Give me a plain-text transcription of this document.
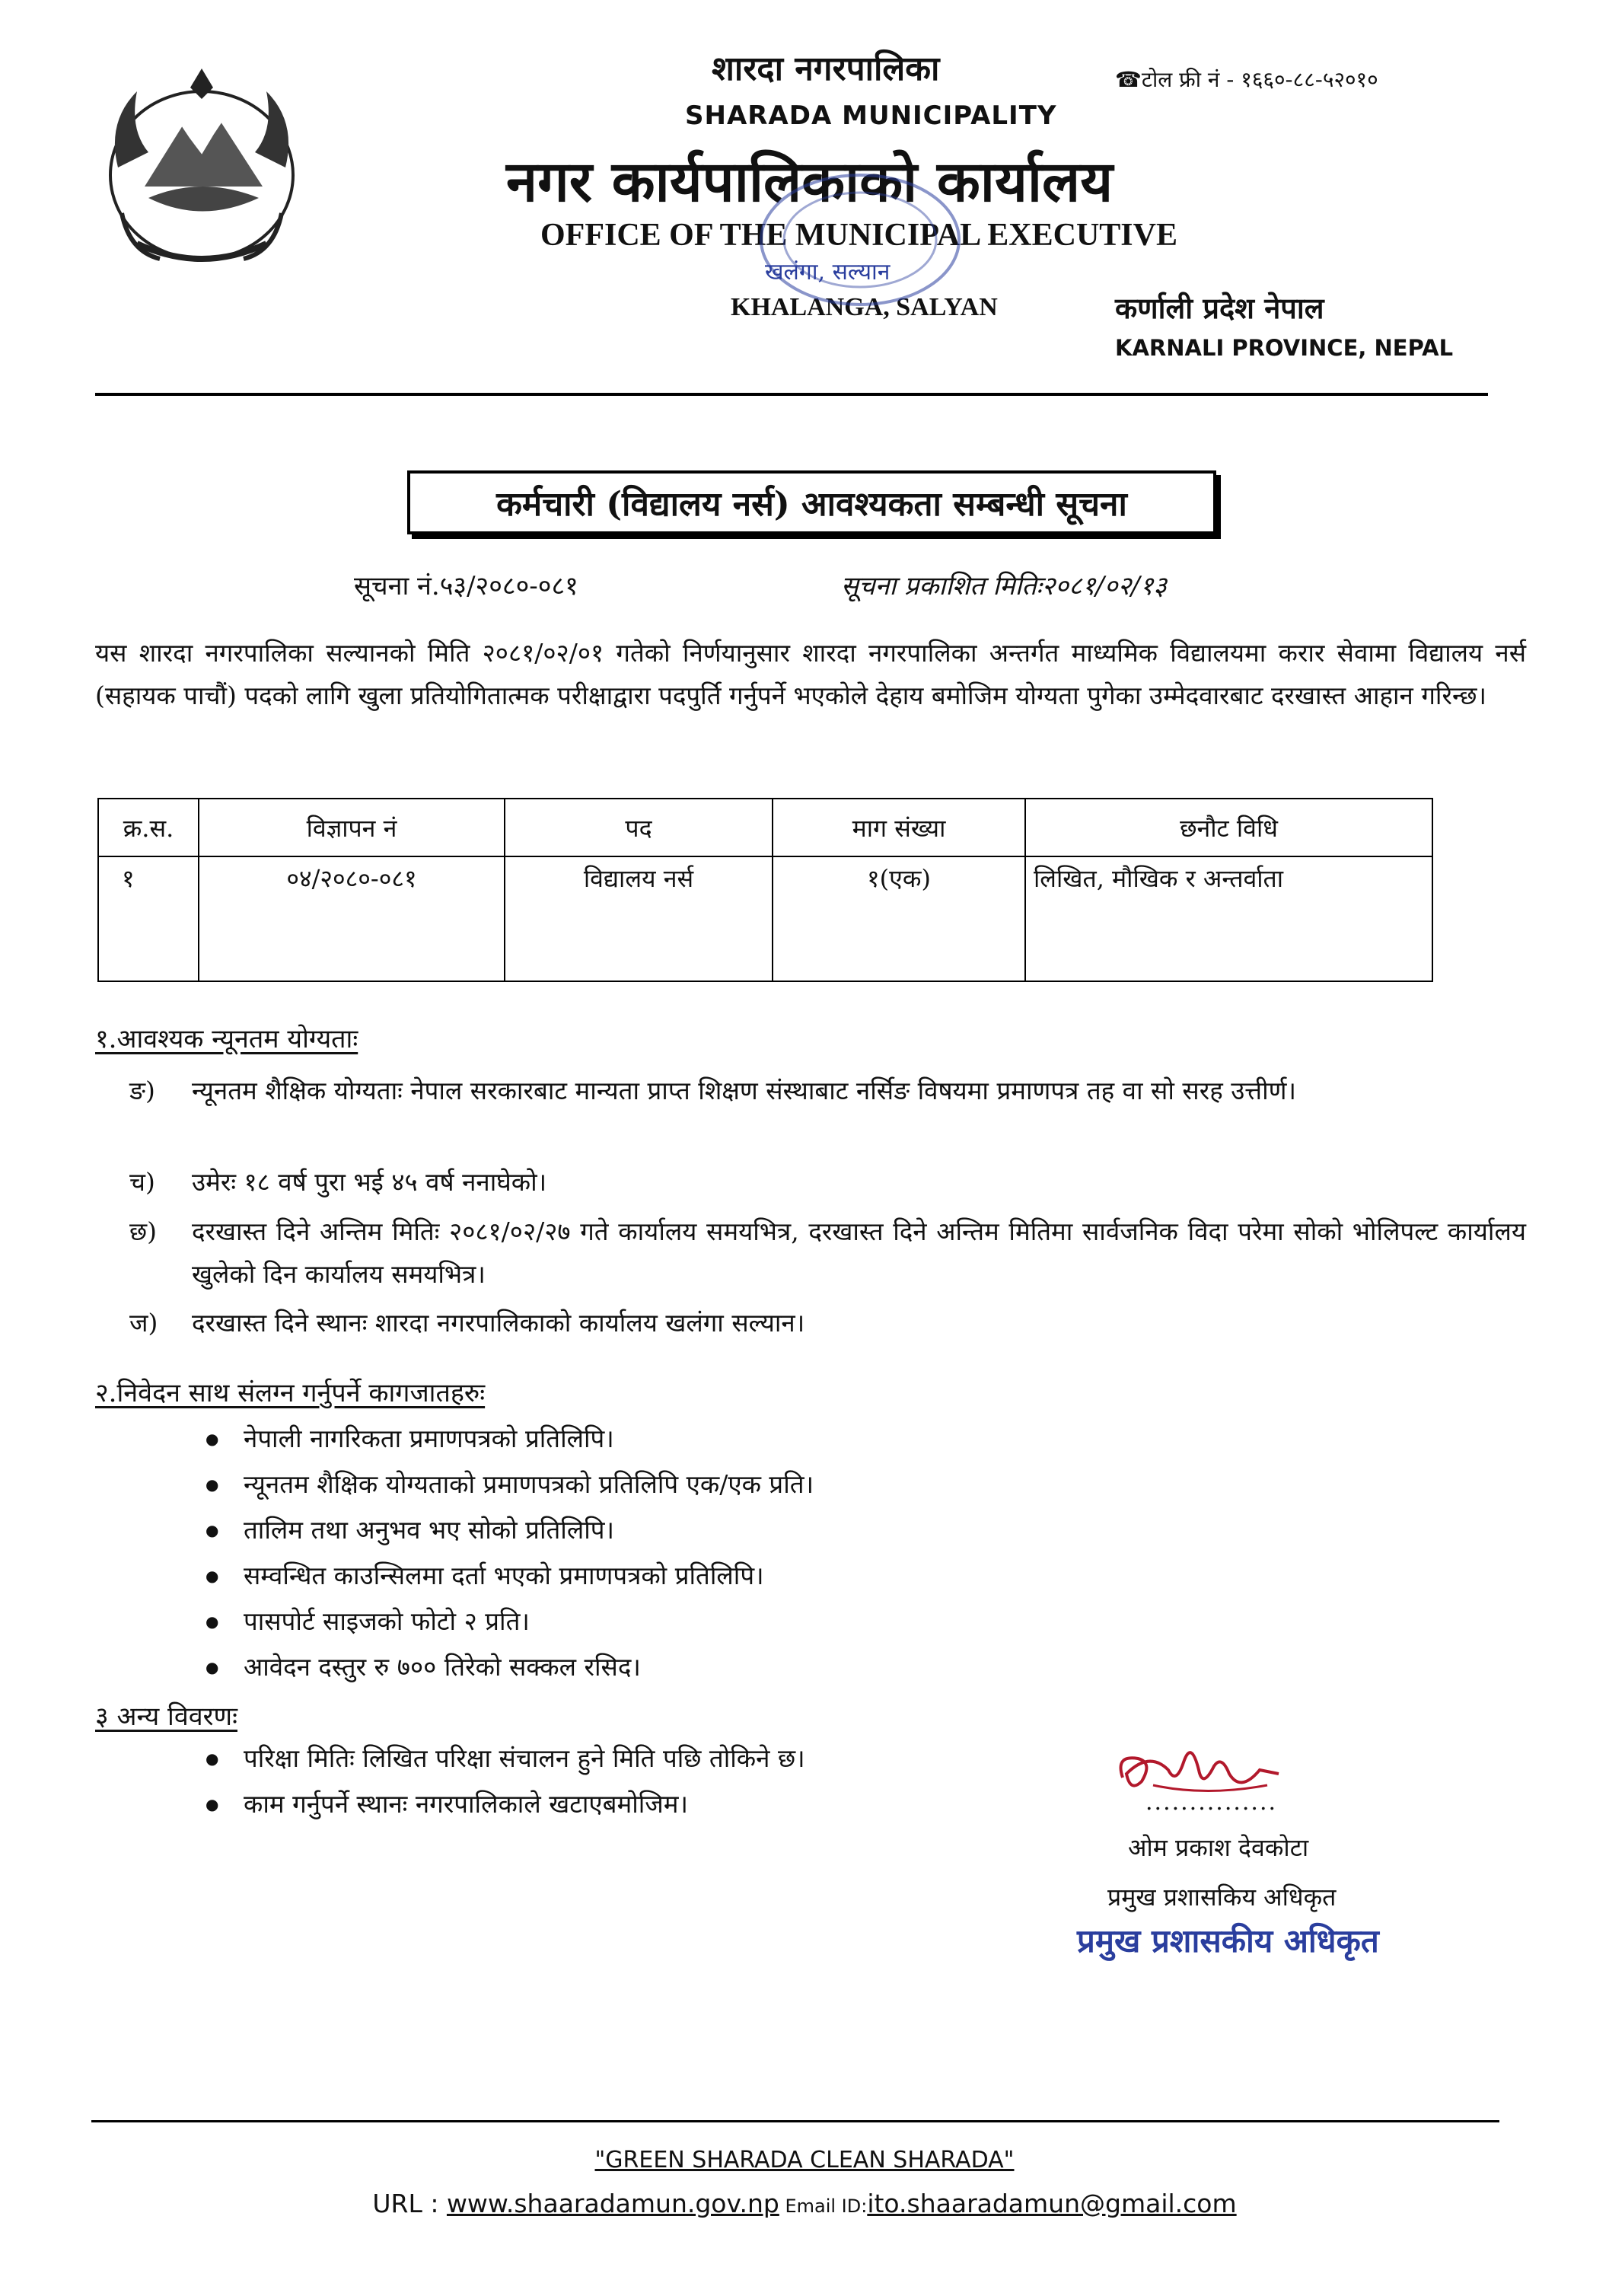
शारदा नगरपालिका
SHARADA MUNICIPALITY
नगर कार्यपालिकाको कार्यालय
OFFICE OF THE MUNICIPAL EXECUTIVE
खलंगा, सल्यान
KHALANGA, SALYAN
☎टोल फ्री नं - १६६०-८८-५२०१०
कर्णाली प्रदेश नेपाल
KARNALI PROVINCE, NEPAL
कर्मचारी (विद्यालय नर्स) आवश्यकता सम्बन्धी सूचना
सूचना नं.५३/२०८०-०८१	सूचना प्रकाशित मितिः२०८१/०२/१३
यस शारदा नगरपालिका सल्यानको मिति २०८१/०२/०१ गतेको निर्णयानुसार शारदा नगरपालिका अन्तर्गत माध्यमिक विद्यालयमा करार सेवामा विद्यालय नर्स (सहायक पाचौं) पदको लागि खुला प्रतियोगितात्मक परीक्षाद्वारा पदपुर्ति गर्नुपर्ने भएकोले देहाय बमोजिम योग्यता पुगेका उम्मेदवारबाट दरखास्त आहान गरिन्छ।
क्र.स.	विज्ञापन नं	पद	माग संख्या	छनौट विधि
१	०४/२०८०-०८१	विद्यालय नर्स	१(एक)	लिखित, मौखिक र अन्तर्वाता
१.आवश्यक न्यूनतम योग्यताः
ङ) न्यूनतम शैक्षिक योग्यताः नेपाल सरकारबाट मान्यता प्राप्त शिक्षण संस्थाबाट नर्सिङ विषयमा प्रमाणपत्र तह वा सो सरह उत्तीर्ण।
च) उमेरः १८ वर्ष पुरा भई ४५ वर्ष ननाघेको।
छ) दरखास्त दिने अन्तिम मितिः २०८१/०२/२७ गते कार्यालय समयभित्र, दरखास्त दिने अन्तिम मितिमा सार्वजनिक विदा परेमा सोको भोलिपल्ट कार्यालय खुलेको दिन कार्यालय समयभित्र।
ज) दरखास्त दिने स्थानः शारदा नगरपालिकाको कार्यालय खलंगा सल्यान।
२.निवेदन साथ संलग्न गर्नुपर्ने कागजातहरुः
● नेपाली नागरिकता प्रमाणपत्रको प्रतिलिपि।
● न्यूनतम शैक्षिक योग्यताको प्रमाणपत्रको प्रतिलिपि एक/एक प्रति।
● तालिम तथा अनुभव भए सोको प्रतिलिपि।
● सम्वन्धित काउन्सिलमा दर्ता भएको प्रमाणपत्रको प्रतिलिपि।
● पासपोर्ट साइजको फोटो २ प्रति।
● आवेदन दस्तुर रु ७०० तिरेको सक्कल रसिद।
३ अन्य विवरणः
● परिक्षा मितिः लिखित परिक्षा संचालन हुने मिति पछि तोकिने छ।
● काम गर्नुपर्ने स्थानः नगरपालिकाले खटाएबमोजिम।	...............
ओम प्रकाश देवकोटा
प्रमुख प्रशासकिय अधिकृत
प्रमुख प्रशासकीय अधिकृत
"GREEN SHARADA CLEAN SHARADA"
URL : www.shaaradamun.gov.np Email ID:ito.shaaradamun@gmail.com
